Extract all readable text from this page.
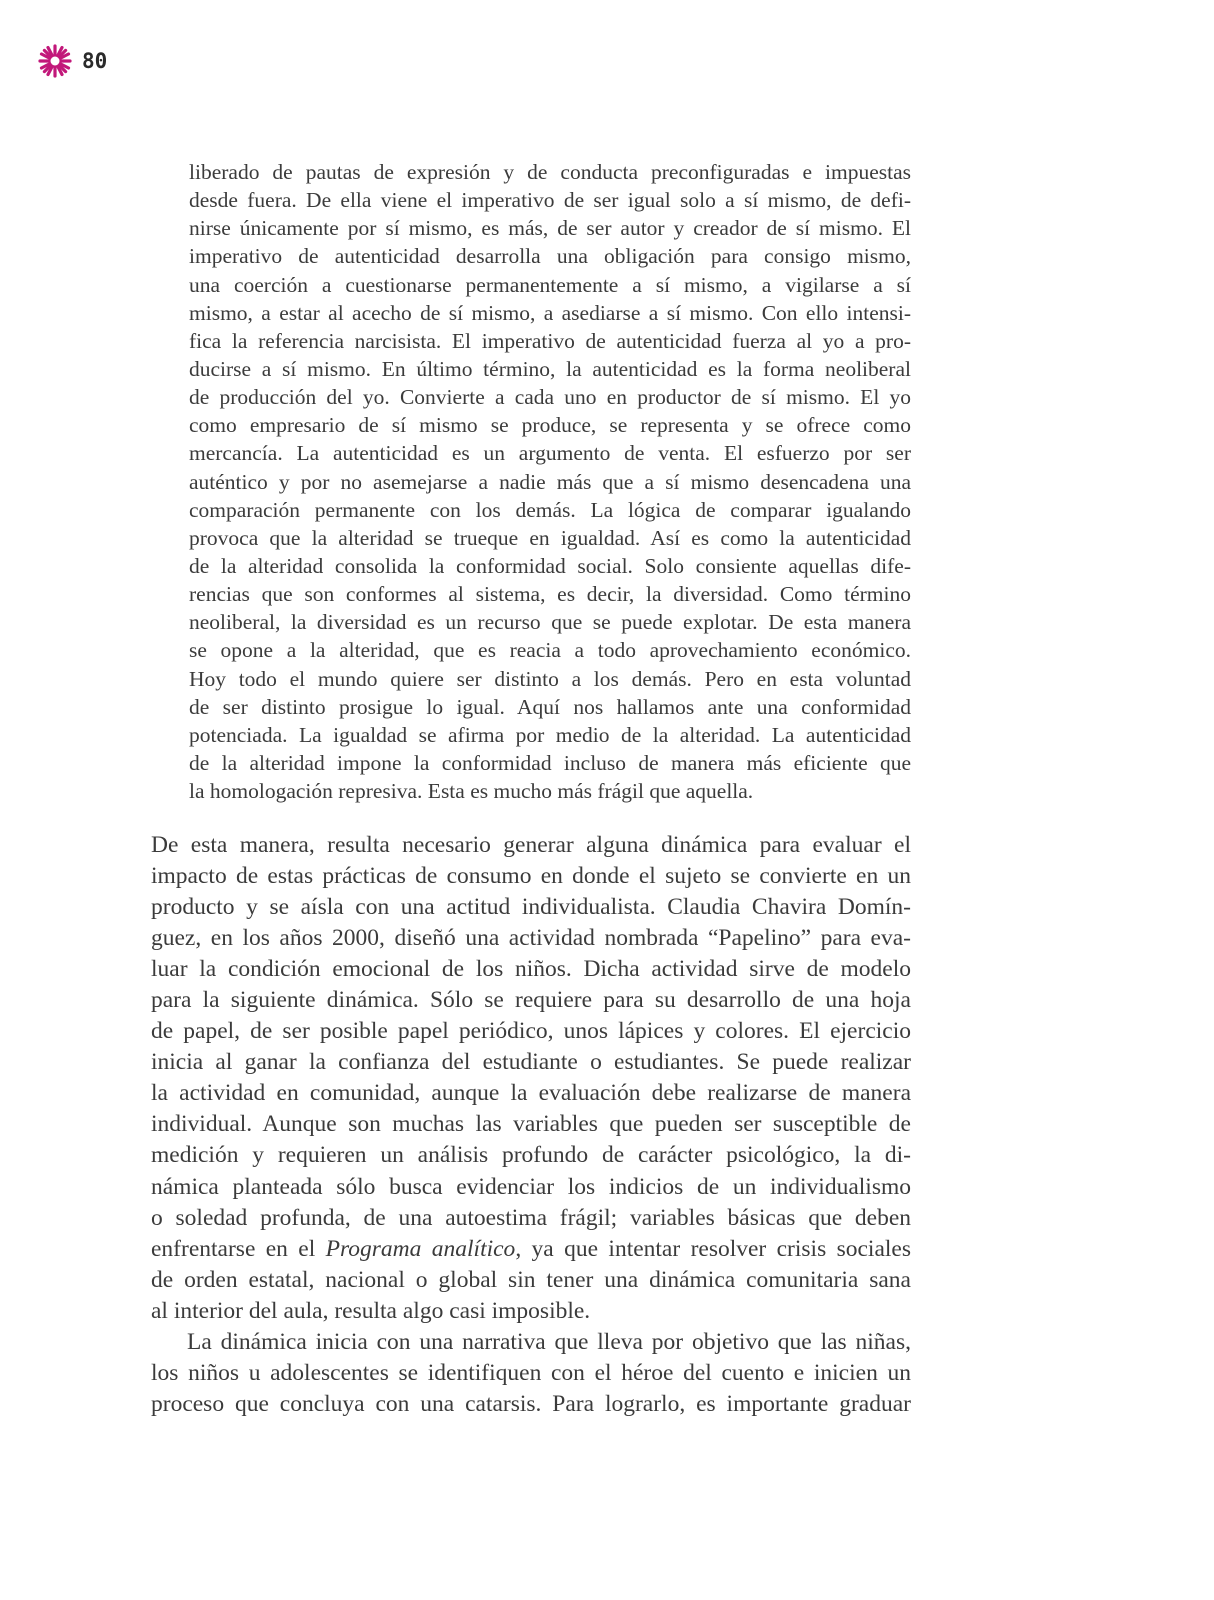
80
liberado de pautas de expresión y de conducta preconfiguradas e impuestas
desde fuera. De ella viene el imperativo de ser igual solo a sí mismo, de defi-
nirse únicamente por sí mismo, es más, de ser autor y creador de sí mismo. El
imperativo de autenticidad desarrolla una obligación para consigo mismo,
una coerción a cuestionarse permanentemente a sí mismo, a vigilarse a sí
mismo, a estar al acecho de sí mismo, a asediarse a sí mismo. Con ello intensi-
fica la referencia narcisista. El imperativo de autenticidad fuerza al yo a pro-
ducirse a sí mismo. En último término, la autenticidad es la forma neoliberal
de producción del yo. Convierte a cada uno en productor de sí mismo. El yo
como empresario de sí mismo se produce, se representa y se ofrece como
mercancía. La autenticidad es un argumento de venta. El esfuerzo por ser
auténtico y por no asemejarse a nadie más que a sí mismo desencadena una
comparación permanente con los demás. La lógica de comparar igualando
provoca que la alteridad se trueque en igualdad. Así es como la autenticidad
de la alteridad consolida la conformidad social. Solo consiente aquellas dife-
rencias que son conformes al sistema, es decir, la diversidad. Como término
neoliberal, la diversidad es un recurso que se puede explotar. De esta manera
se opone a la alteridad, que es reacia a todo aprovechamiento económico.
Hoy todo el mundo quiere ser distinto a los demás. Pero en esta voluntad
de ser distinto prosigue lo igual. Aquí nos hallamos ante una conformidad
potenciada. La igualdad se afirma por medio de la alteridad. La autenticidad
de la alteridad impone la conformidad incluso de manera más eficiente que
la homologación represiva. Esta es mucho más frágil que aquella.
De esta manera, resulta necesario generar alguna dinámica para evaluar el
impacto de estas prácticas de consumo en donde el sujeto se convierte en un
producto y se aísla con una actitud individualista. Claudia Chavira Domín-
guez, en los años 2000, diseñó una actividad nombrada “Papelino” para eva-
luar la condición emocional de los niños. Dicha actividad sirve de modelo
para la siguiente dinámica. Sólo se requiere para su desarrollo de una hoja
de papel, de ser posible papel periódico, unos lápices y colores. El ejercicio
inicia al ganar la confianza del estudiante o estudiantes. Se puede realizar
la actividad en comunidad, aunque la evaluación debe realizarse de manera
individual. Aunque son muchas las variables que pueden ser susceptible de
medición y requieren un análisis profundo de carácter psicológico, la di-
námica planteada sólo busca evidenciar los indicios de un individualismo
o soledad profunda, de una autoestima frágil; variables básicas que deben
enfrentarse en el Programa analítico, ya que intentar resolver crisis sociales
de orden estatal, nacional o global sin tener una dinámica comunitaria sana
al interior del aula, resulta algo casi imposible.
La dinámica inicia con una narrativa que lleva por objetivo que las niñas,
los niños u adolescentes se identifiquen con el héroe del cuento e inicien un
proceso que concluya con una catarsis. Para lograrlo, es importante graduar
